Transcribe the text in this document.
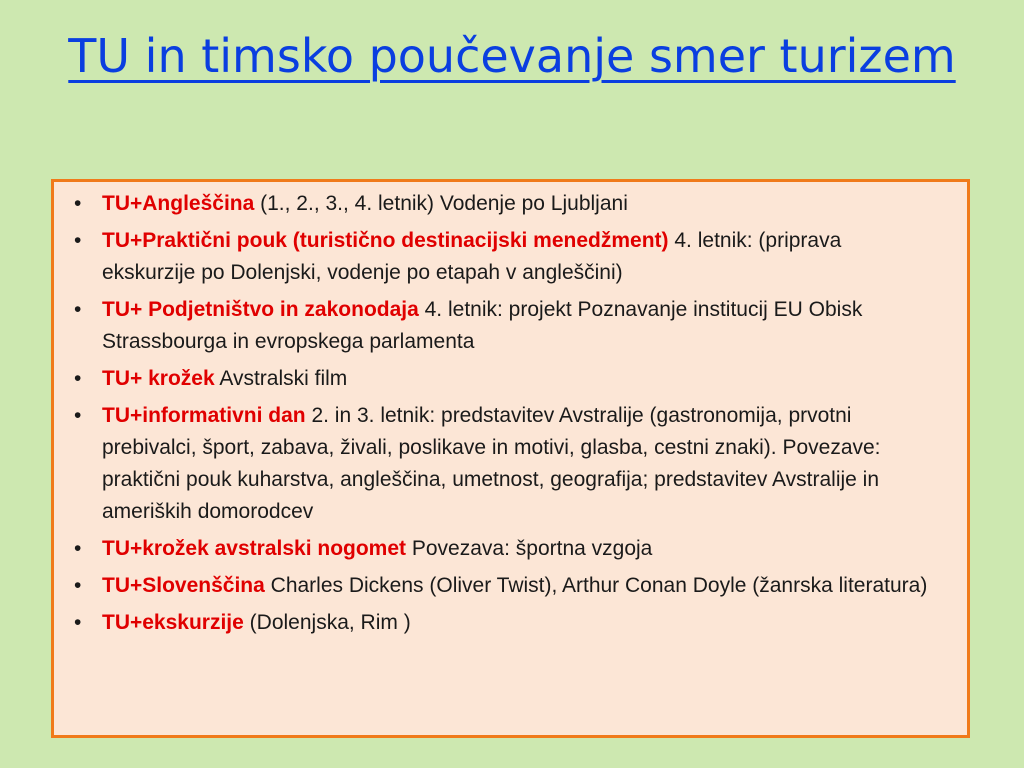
TU in timsko poučevanje smer turizem
• TU+Angleščina (1., 2., 3., 4. letnik) Vodenje po Ljubljani
• TU+Praktični pouk (turistično destinacijski menedžment) 4. letnik: (priprava ekskurzije po Dolenjski, vodenje po etapah v angleščini)
• TU+ Podjetništvo in zakonodaja 4. letnik: projekt Poznavanje institucij EU Obisk Strassbourga in evropskega parlamenta
• TU+ krožek Avstralski film
• TU+informativni dan 2. in 3. letnik: predstavitev Avstralije (gastronomija, prvotni prebivalci, šport, zabava, živali, poslikave in motivi, glasba, cestni znaki). Povezave: praktični pouk kuharstva, angleščina, umetnost, geografija; predstavitev Avstralije in ameriških domorodcev
• TU+krožek avstralski nogomet Povezava: športna vzgoja
• TU+Slovenščina Charles Dickens (Oliver Twist), Arthur Conan Doyle (žanrska literatura)
• TU+ekskurzije (Dolenjska, Rim )
